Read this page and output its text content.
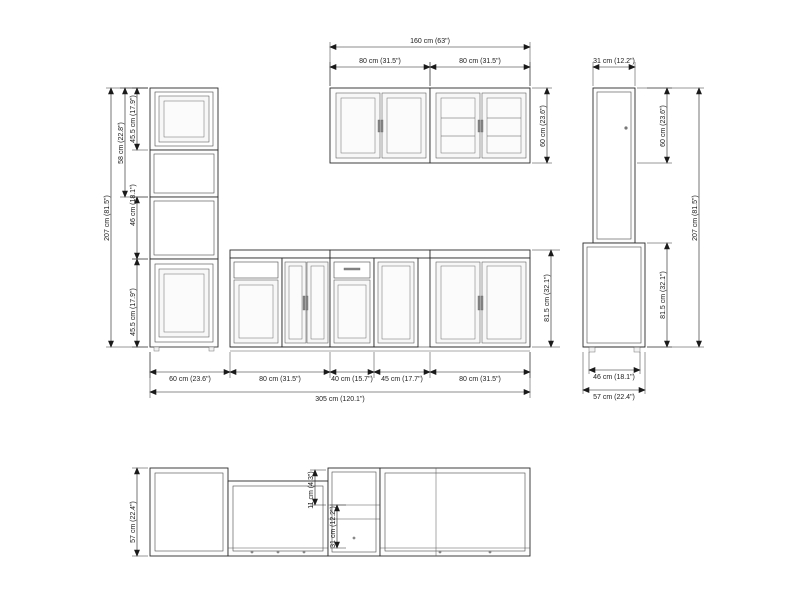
160 cm (63")
80 cm (31.5")	80 cm (31.5")
60 cm (23.6")
31 cm (12.2")
60 cm (23.6")
207 cm (81.5")
81.5 cm (32.1")
46 cm (18.1")
57 cm (22.4")
45.5 cm (17.9")
58 cm (22.8")
46 cm (18.1")
45.5 cm (17.9")
207 cm (81.5")
81.5 cm (32.1")
60 cm (23.6")	80 cm (31.5")	40 cm (15.7") 45 cm (17.7")	80 cm (31.5")
305 cm (120.1")
57 cm (22.4")
11 cm (4.3")
31 cm (12.2")
